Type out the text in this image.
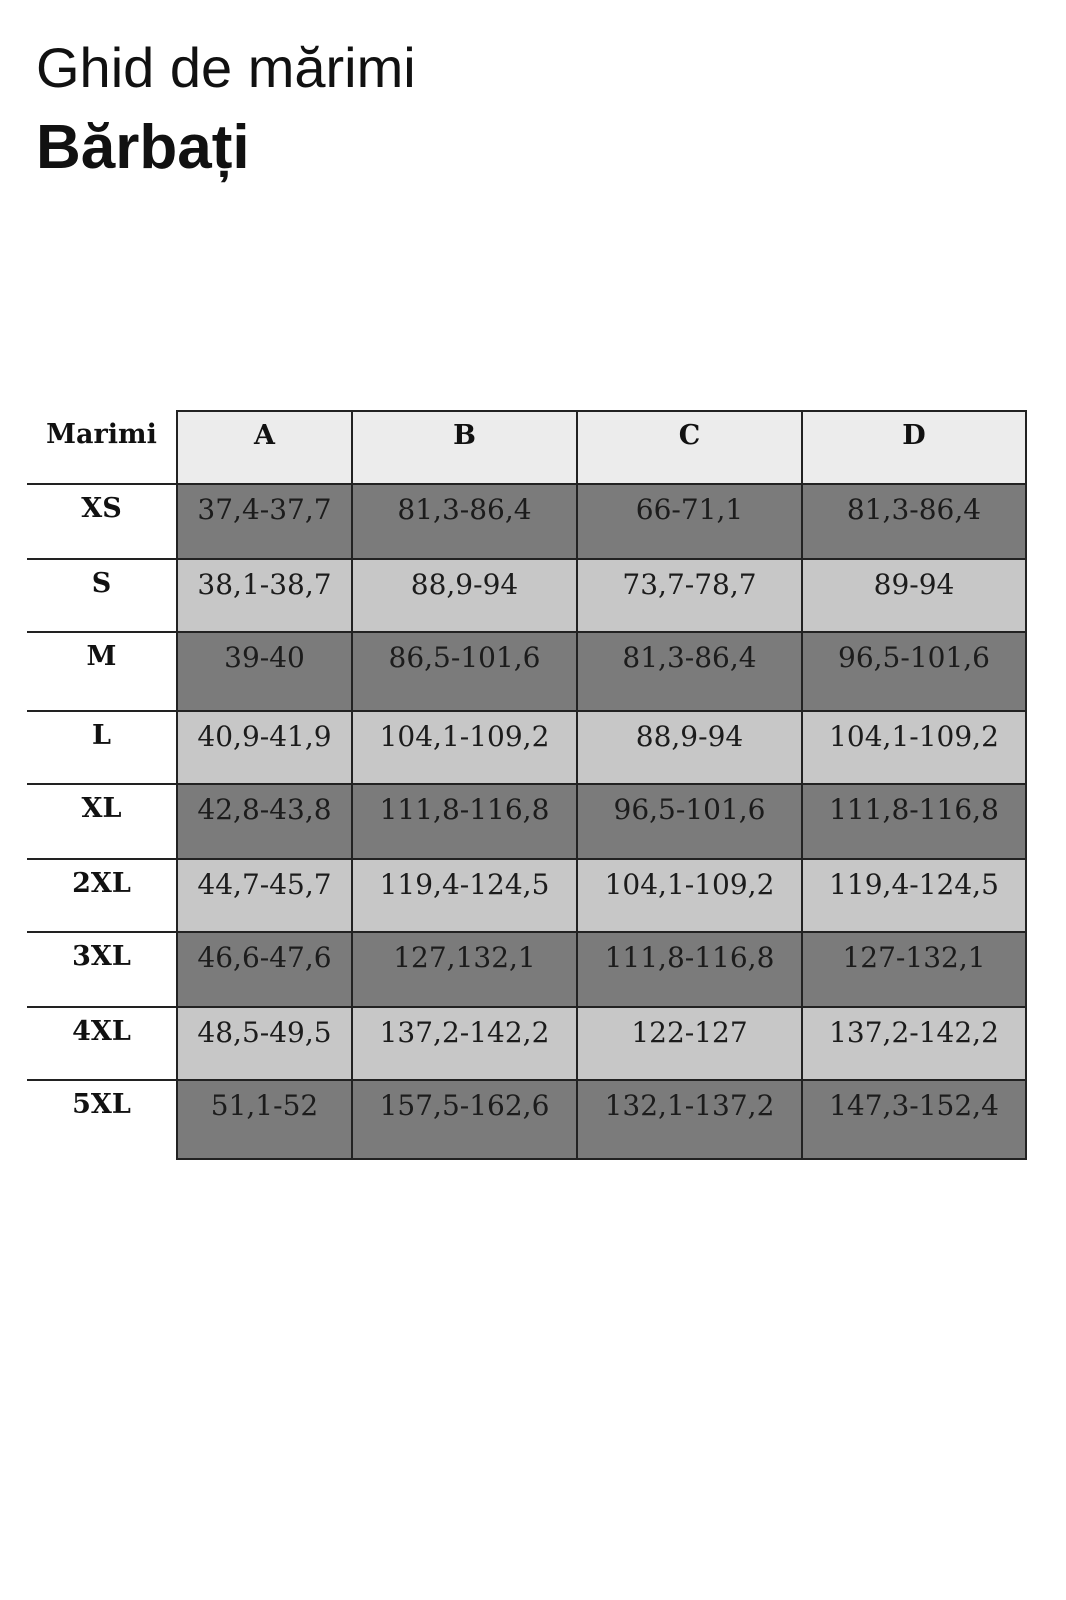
Ghid de mărimi
Bărbați
Marimi	A	B	C	D
XS	37,4-37,7	81,3-86,4	66-71,1	81,3-86,4
S	38,1-38,7	88,9-94	73,7-78,7	89-94
M	39-40	86,5-101,6	81,3-86,4	96,5-101,6
L	40,9-41,9	104,1-109,2	88,9-94	104,1-109,2
XL	42,8-43,8	111,8-116,8	96,5-101,6	111,8-116,8
2XL	44,7-45,7	119,4-124,5	104,1-109,2	119,4-124,5
3XL	46,6-47,6	127,132,1	111,8-116,8	127-132,1
4XL	48,5-49,5	137,2-142,2	122-127	137,2-142,2
5XL	51,1-52	157,5-162,6	132,1-137,2	147,3-152,4
